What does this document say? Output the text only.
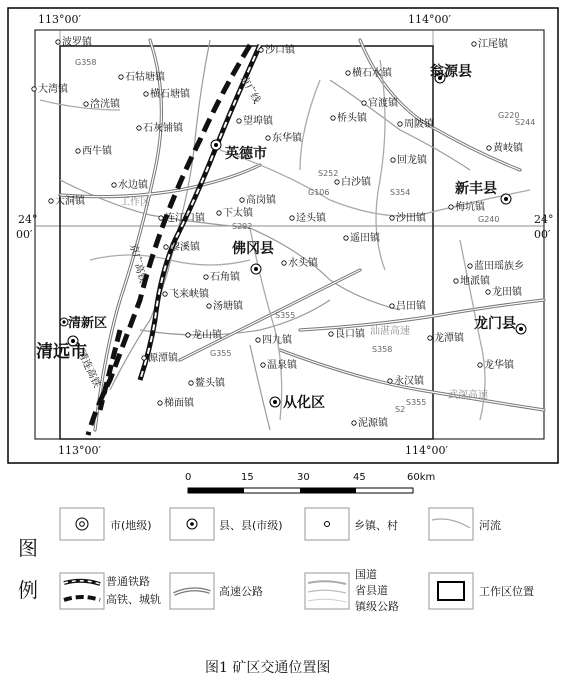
113°00′	114°00′
113°00′	114°00′
24°
00′
24°
00′
G358
G220
S244
S252
G106	S354
G240
S292
G355	S358
S355
S2
S355
工作区
京广线
京广高铁
清连高铁
汕湛高速
武深高速
沙口镇
波罗镇
大湾镇
石牯塘镇
横石塘镇
浛洸镇
石灰铺镇
西牛镇
水边镇
大洞镇
望埠镇
东华镇
横石水镇
官渡镇
桥头镇
周陂镇
江尾镇
黄岐镇
白沙镇
回龙镇
高岗镇
连江口镇 下太镇	迳头镇
遥田镇
沙田镇
梅坑镇
黎溪镇
石角镇
水头镇
飞来峡镇
汤塘镇
龙山镇
源潭镇
鳌头镇
梯面镇
四九镇
良口镇
吕田镇
温泉镇
永汉镇
龙潭镇
龙华镇
地派镇
龙田镇
泥源镇
蓝田瑶族乡
英德市
佛冈县
清远市
从化区
翁源县
新丰县
龙门县
清新区
0	15	30	45	60km
图
例
市(地级)	县、县(市级)	乡镇、村	河流
普通铁路
高铁、城轨
高速公路
国道
省县道
镇级公路
工作区位置
图1 矿区交通位置图
